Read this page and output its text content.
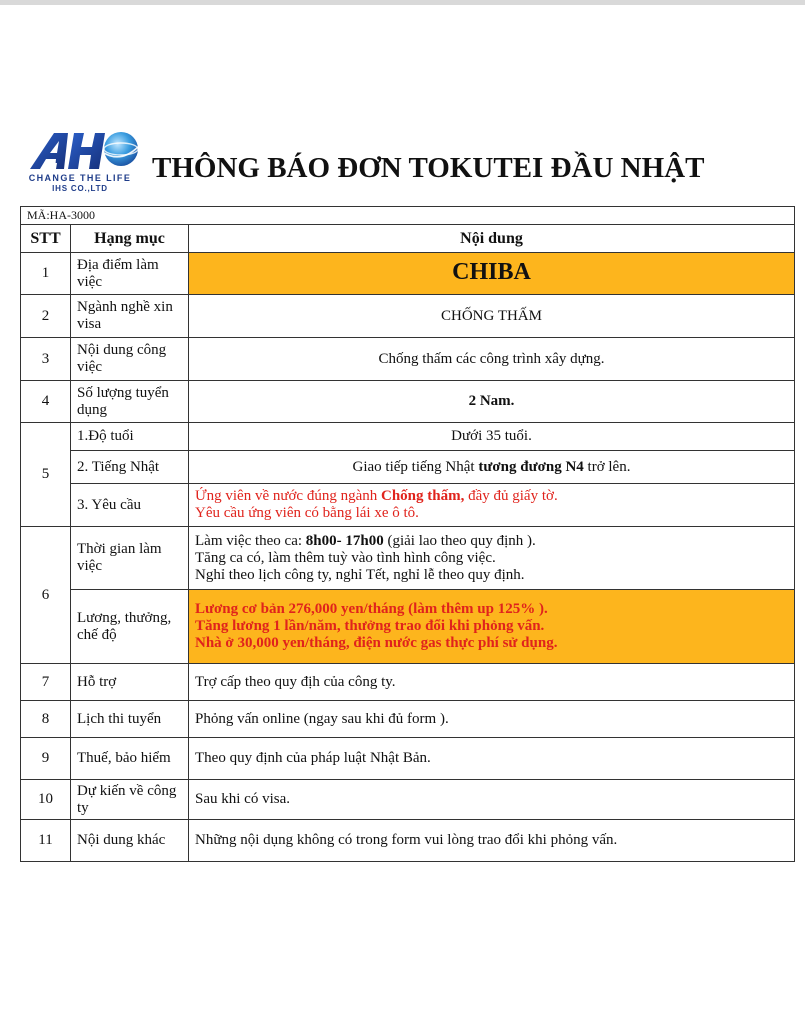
CHANGE THE LIFE
IHS CO.,LTD
THÔNG BÁO ĐƠN TOKUTEI ĐẦU NHẬT
MÃ:HA-3000		
STT	Hạng mục	Nội dung
1	Địa điểm làm việc	CHIBA
2	Ngành nghề xin visa	CHỐNG THẤM
3	Nội dung công việc	Chống thấm các công trình xây dựng.
4	Số lượng tuyển dụng	2 Nam.
5	1.Độ tuổi	Dưới 35 tuổi.
	2. Tiếng Nhật	Giao tiếp tiếng Nhật tương đương N4 trở lên.
	3. Yêu cầu	Ứng viên về nước đúng ngành Chống thấm, đầy đủ giấy tờ.
Yêu cầu ứng viên có bằng lái xe ô tô.

6	Thời gian làm việc	Làm việc theo ca: 8h00- 17h00 (giải lao theo quy định ).
Tăng ca có, làm thêm tuỳ vào tình hình công việc.
Nghỉ theo lịch công ty, nghỉ Tết, nghỉ lễ theo quy định.

	Lương, thưởng, chế độ	Lương cơ bản 276,000 yen/tháng (làm thêm up 125% ).
Tăng lương 1 lần/năm, thưởng trao đổi khi phỏng vấn.
Nhà ở 30,000 yen/tháng, điện nước gas thực phí sử dụng.

7	Hỗ trợ	Trợ cấp theo quy địh của công ty.
8	Lịch thi tuyển	Phỏng vấn online (ngay sau khi đủ form ).
9	Thuế, bảo hiểm	Theo quy định của pháp luật Nhật Bản.
10	Dự kiến về công ty	Sau khi có visa.
11	Nội dung khác	Những nội dụng không có trong form vui lòng trao đổi khi phỏng vấn.
